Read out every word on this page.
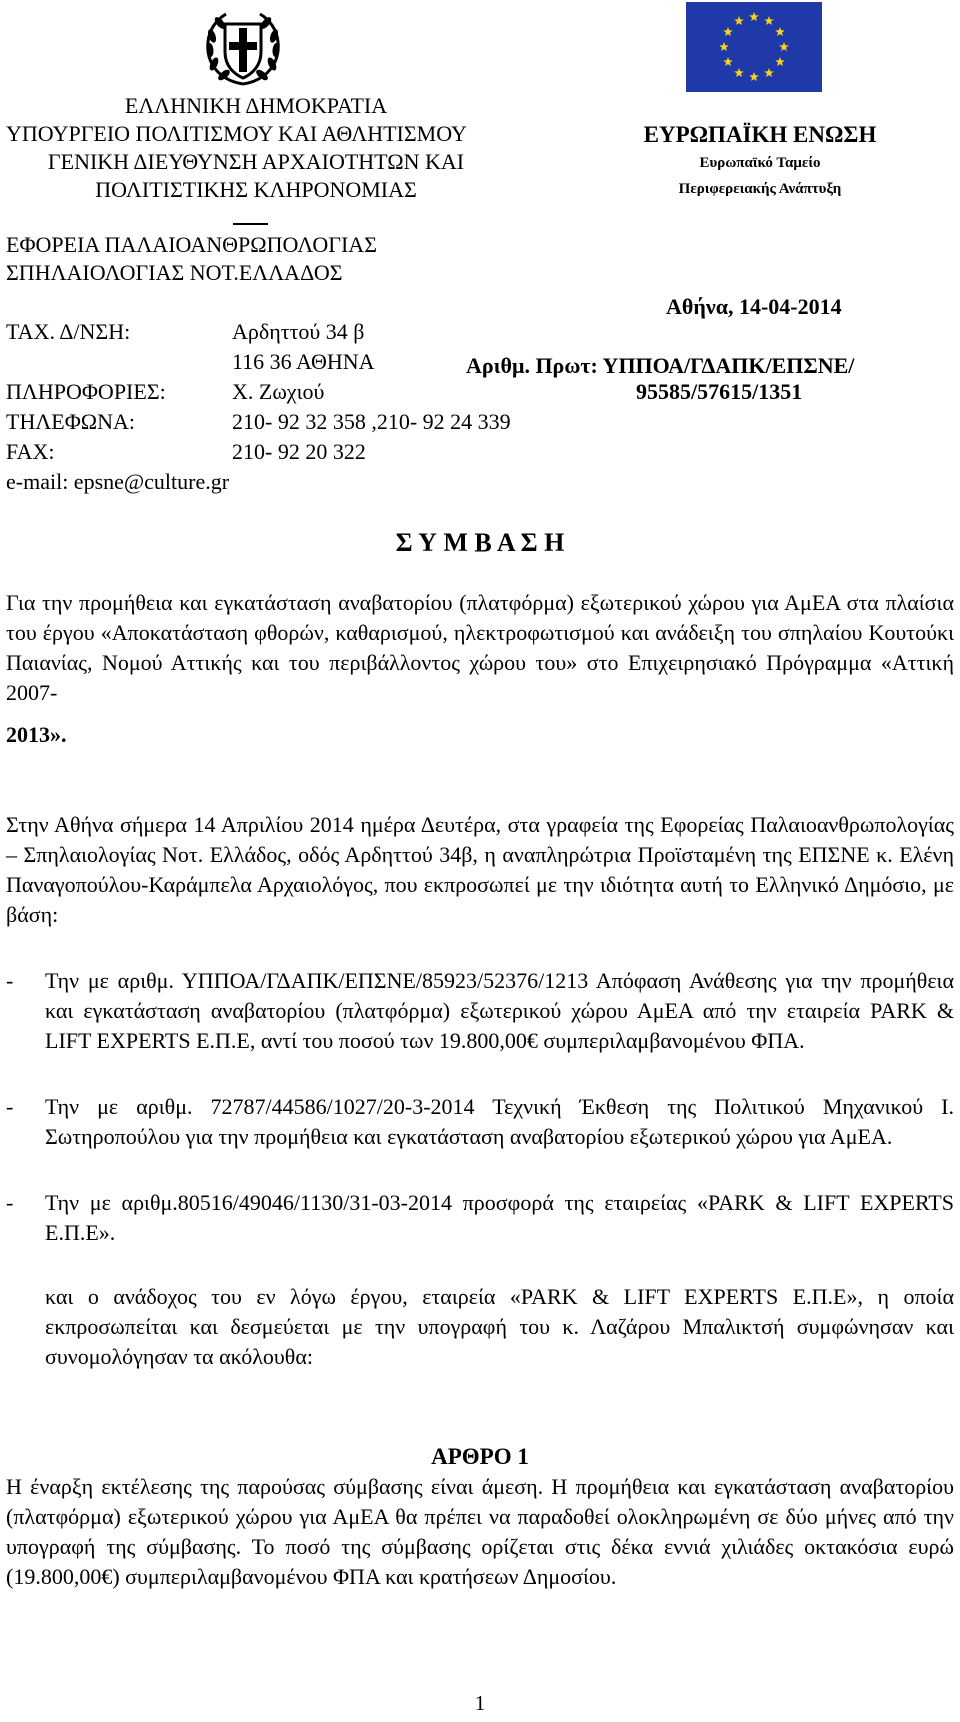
ΕΛΛΗΝΙΚΗ ΔΗΜΟΚΡΑΤΙΑ
ΥΠΟΥΡΓΕΙΟ ΠΟΛΙΤΙΣΜΟΥ ΚΑΙ ΑΘΛΗΤΙΣΜΟΥ
ΓΕΝΙΚΗ ΔΙΕΥΘΥΝΣΗ ΑΡΧΑΙΟΤΗΤΩΝ ΚΑΙ
ΠΟΛΙΤΙΣΤΙΚΗΣ ΚΛΗΡΟΝΟΜΙΑΣ
ΕΦΟΡΕΙΑ ΠΑΛΑΙΟΑΝΘΡΩΠΟΛΟΓΙΑΣ
ΣΠΗΛΑΙΟΛΟΓΙΑΣ ΝΟΤ.ΕΛΛΑΔΟΣ
ΕΥΡΩΠΑΪΚΗ ΕΝΩΣΗ
Ευρωπαϊκό Ταμείο
Περιφερειακής Ανάπτυξη
Αθήνα, 14-04-2014
Αριθμ. Πρωτ: ΥΠΠΟΑ/ΓΔΑΠΚ/ΕΠΣΝΕ/
95585/57615/1351
ΤΑΧ. Δ/ΝΣΗ:	Αρδηττού 34 β
116 36 ΑΘΗΝΑ
ΠΛΗΡΟΦΟΡΙΕΣ:	Χ. Ζωχιού
ΤΗΛΕΦΩΝΑ:	210- 92 32 358 ,210- 92 24 339
FAX:	210- 92 20 322
e-mail: epsne@culture.gr
Σ Υ Μ Β Α Σ Η
Για την προμήθεια και εγκατάσταση αναβατορίου (πλατφόρμα) εξωτερικού χώρου για ΑμΕΑ στα πλαίσια του έργου «Αποκατάσταση φθορών, καθαρισμού, ηλεκτροφωτισμού και ανάδειξη του σπηλαίου Κουτούκι Παιανίας, Νομού Αττικής και του περιβάλλοντος χώρου του» στο Επιχειρησιακό Πρόγραμμα «Αττική 2007-
2013».
Στην Αθήνα σήμερα 14 Απριλίου 2014 ημέρα Δευτέρα, στα γραφεία της Εφορείας Παλαιοανθρωπολογίας – Σπηλαιολογίας Νοτ. Ελλάδος, οδός Αρδηττού 34β, η αναπληρώτρια Προϊσταμένη της ΕΠΣΝΕ κ. Ελένη Παναγοπούλου-Καράμπελα Αρχαιολόγος, που εκπροσωπεί με την ιδιότητα αυτή το Ελληνικό Δημόσιο, με βάση:
- Την με αριθμ. ΥΠΠΟΑ/ΓΔΑΠΚ/ΕΠΣΝΕ/85923/52376/1213 Απόφαση Ανάθεσης για την προμήθεια και εγκατάσταση αναβατορίου (πλατφόρμα) εξωτερικού χώρου ΑμΕΑ από την εταιρεία PARK & LIFT EXPERTS Ε.Π.Ε, αντί του ποσού των 19.800,00€ συμπεριλαμβανομένου ΦΠΑ.
- Την με αριθμ. 72787/44586/1027/20-3-2014 Τεχνική Έκθεση της Πολιτικού Μηχανικού Ι. Σωτηροπούλου για την προμήθεια και εγκατάσταση αναβατορίου εξωτερικού χώρου για ΑμΕΑ.
- Την με αριθμ.80516/49046/1130/31-03-2014 προσφορά της εταιρείας «PARK & LIFT EXPERTS Ε.Π.Ε».
και ο ανάδοχος του εν λόγω έργου, εταιρεία «PARK & LIFT EXPERTS Ε.Π.Ε», η οποία εκπροσωπείται και δεσμεύεται με την υπογραφή του κ. Λαζάρου Μπαλικτσή συμφώνησαν και συνομολόγησαν τα ακόλουθα:
ΑΡΘΡΟ 1
Η έναρξη εκτέλεσης της παρούσας σύμβασης είναι άμεση. Η προμήθεια και εγκατάσταση αναβατορίου (πλατφόρμα) εξωτερικού χώρου για ΑμΕΑ θα πρέπει να παραδοθεί ολοκληρωμένη σε δύο μήνες από την υπογραφή της σύμβασης. Το ποσό της σύμβασης ορίζεται στις δέκα εννιά χιλιάδες οκτακόσια ευρώ (19.800,00€) συμπεριλαμβανομένου ΦΠΑ και κρατήσεων Δημοσίου.
1
